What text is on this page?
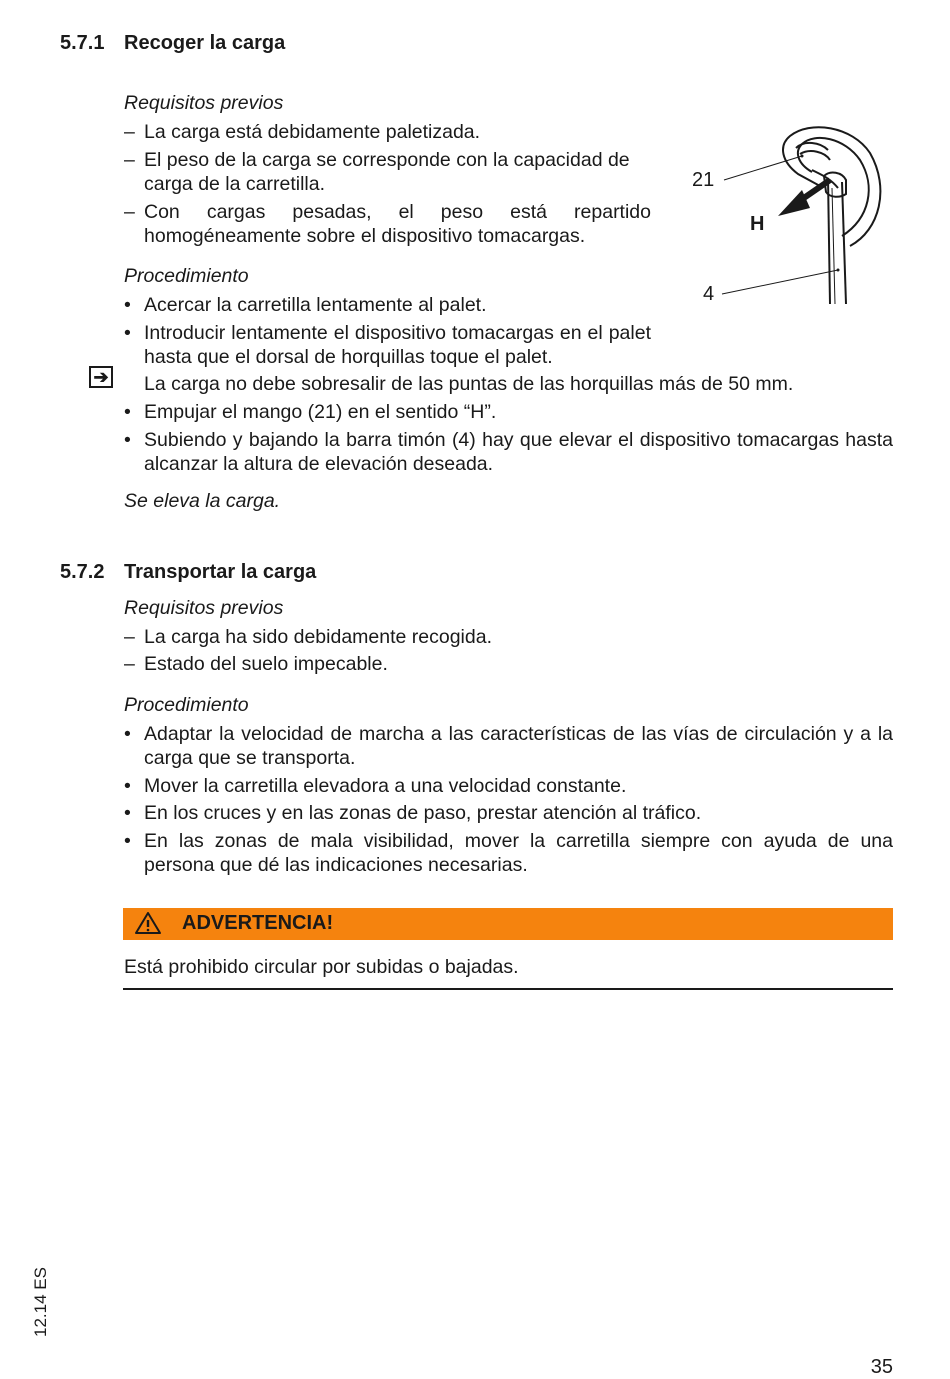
5.7.1 Recoger la carga
Requisitos previos
– La carga está debidamente paletizada.
– El peso de la carga se corresponde con la capacidad de carga de la carretilla.
– Con cargas pesadas, el peso está repartido homogéneamente sobre el dispositivo tomacargas.
Procedimiento
• Acercar la carretilla lentamente al palet.
• Introducir lentamente el dispositivo tomacargas en el palet hasta que el dorsal de horquillas toque el palet.
➔ La carga no debe sobresalir de las puntas de las horquillas más de 50 mm.
• Empujar el mango (21) en el sentido “H”.
• Subiendo y bajando la barra timón (4) hay que elevar el dispositivo tomacargas hasta alcanzar la altura de elevación deseada.
Se eleva la carga.
21
H
4
5.7.2 Transportar la carga
Requisitos previos
– La carga ha sido debidamente recogida.
– Estado del suelo impecable.
Procedimiento
• Adaptar la velocidad de marcha a las características de las vías de circulación y a la carga que se transporta.
• Mover la carretilla elevadora a una velocidad constante.
• En los cruces y en las zonas de paso, prestar atención al tráfico.
• En las zonas de mala visibilidad, mover la carretilla siempre con ayuda de una persona que dé las indicaciones necesarias.
ADVERTENCIA!
Está prohibido circular por subidas o bajadas.
12.14 ES
35
